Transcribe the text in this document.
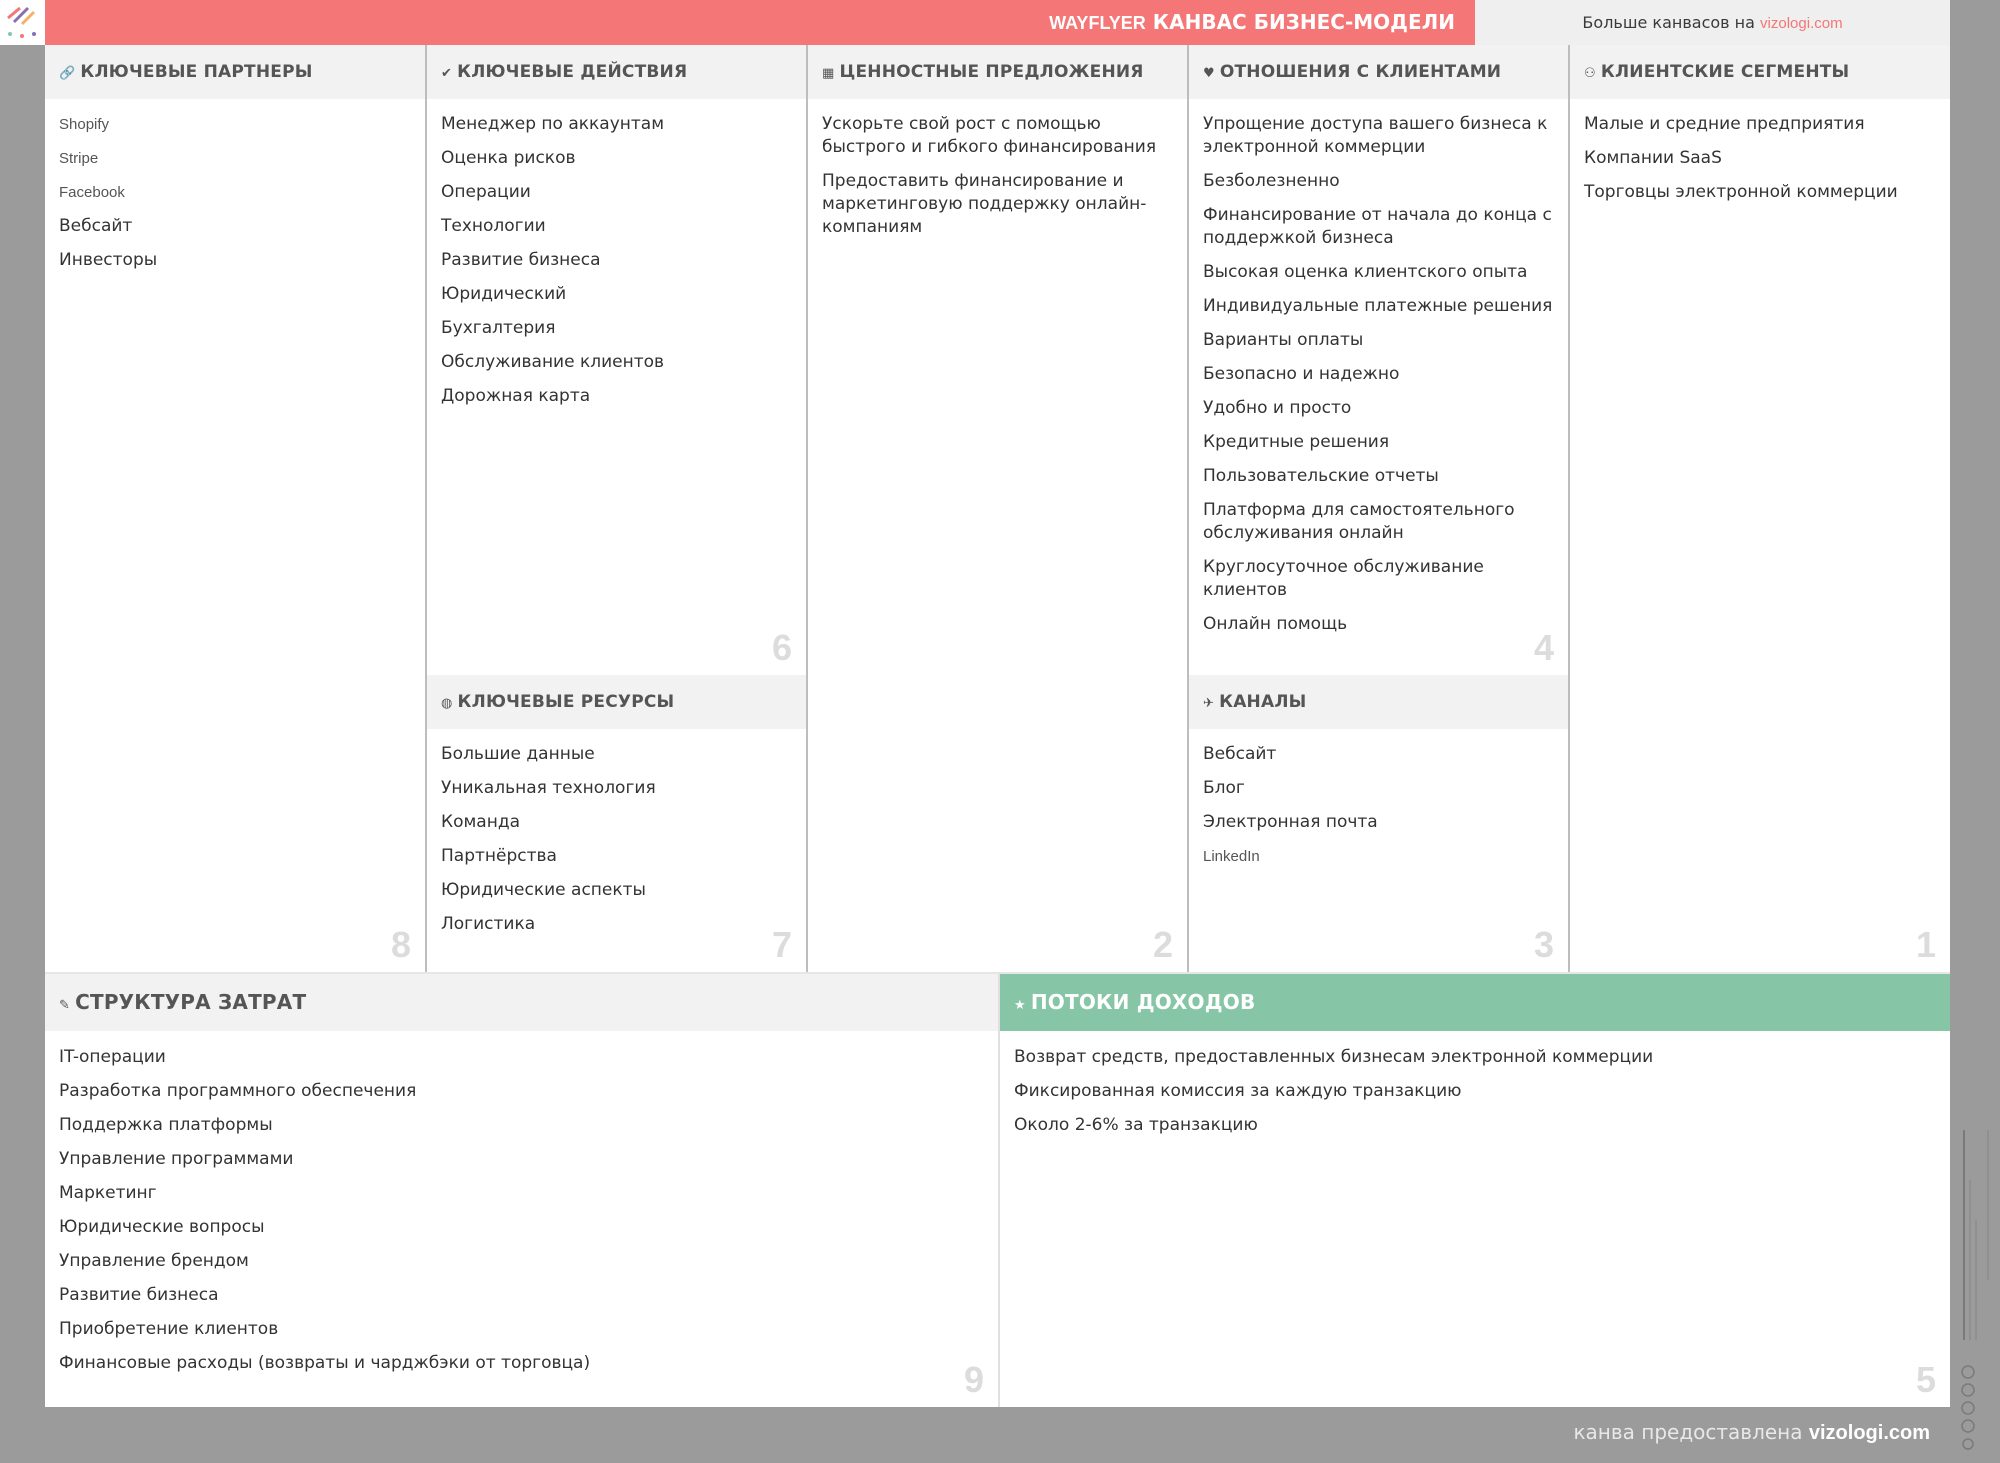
WAYFLYER КАНВАС БИЗНЕС-МОДЕЛИ	Больше канвасов на vizologi.com
🔗 КЛЮЧЕВЫЕ ПАРТНЕРЫ
Shopify
Stripe
Facebook
Вебсайт
Инвесторы
8
✔ КЛЮЧЕВЫЕ ДЕЙСТВИЯ
Менеджер по аккаунтам
Оценка рисков
Операции
Технологии
Развитие бизнеса
Юридический
Бухгалтерия
Обслуживание клиентов
Дорожная карта
6
◍ КЛЮЧЕВЫЕ РЕСУРСЫ
Большие данные
Уникальная технология
Команда
Партнёрства
Юридические аспекты
Логистика	7
▦ ЦЕННОСТНЫЕ ПРЕДЛОЖЕНИЯ
Ускорьте свой рост с помощью быстрого и гибкого финансирования
Предоставить финансирование и маркетинговую поддержку онлайн-компаниям
2
♥ ОТНОШЕНИЯ С КЛИЕНТАМИ
Упрощение доступа вашего бизнеса к электронной коммерции
Безболезненно
Финансирование от начала до конца с поддержкой бизнеса
Высокая оценка клиентского опыта
Индивидуальные платежные решения
Варианты оплаты
Безопасно и надежно
Удобно и просто
Кредитные решения
Пользовательские отчеты
Платформа для самостоятельного обслуживания онлайн
Круглосуточное обслуживание клиентов
Онлайн помощь
4
✈ КАНАЛЫ
Вебсайт
Блог
Электронная почта
LinkedIn
3
⚇ КЛИЕНТСКИЕ СЕГМЕНТЫ
Малые и средние предприятия
Компании SaaS
Торговцы электронной коммерции
1
✎ СТРУКТУРА ЗАТРАТ
IT-операции
Разработка программного обеспечения
Поддержка платформы
Управление программами
Маркетинг
Юридические вопросы
Управление брендом
Развитие бизнеса
Приобретение клиентов
Финансовые расходы (возвраты и чарджбэки от торговца)	9
★ ПОТОКИ ДОХОДОВ
Возврат средств, предоставленных бизнесам электронной коммерции
Фиксированная комиссия за каждую транзакцию
Около 2-6% за транзакцию
5
канва предоставлена vizologi.com
